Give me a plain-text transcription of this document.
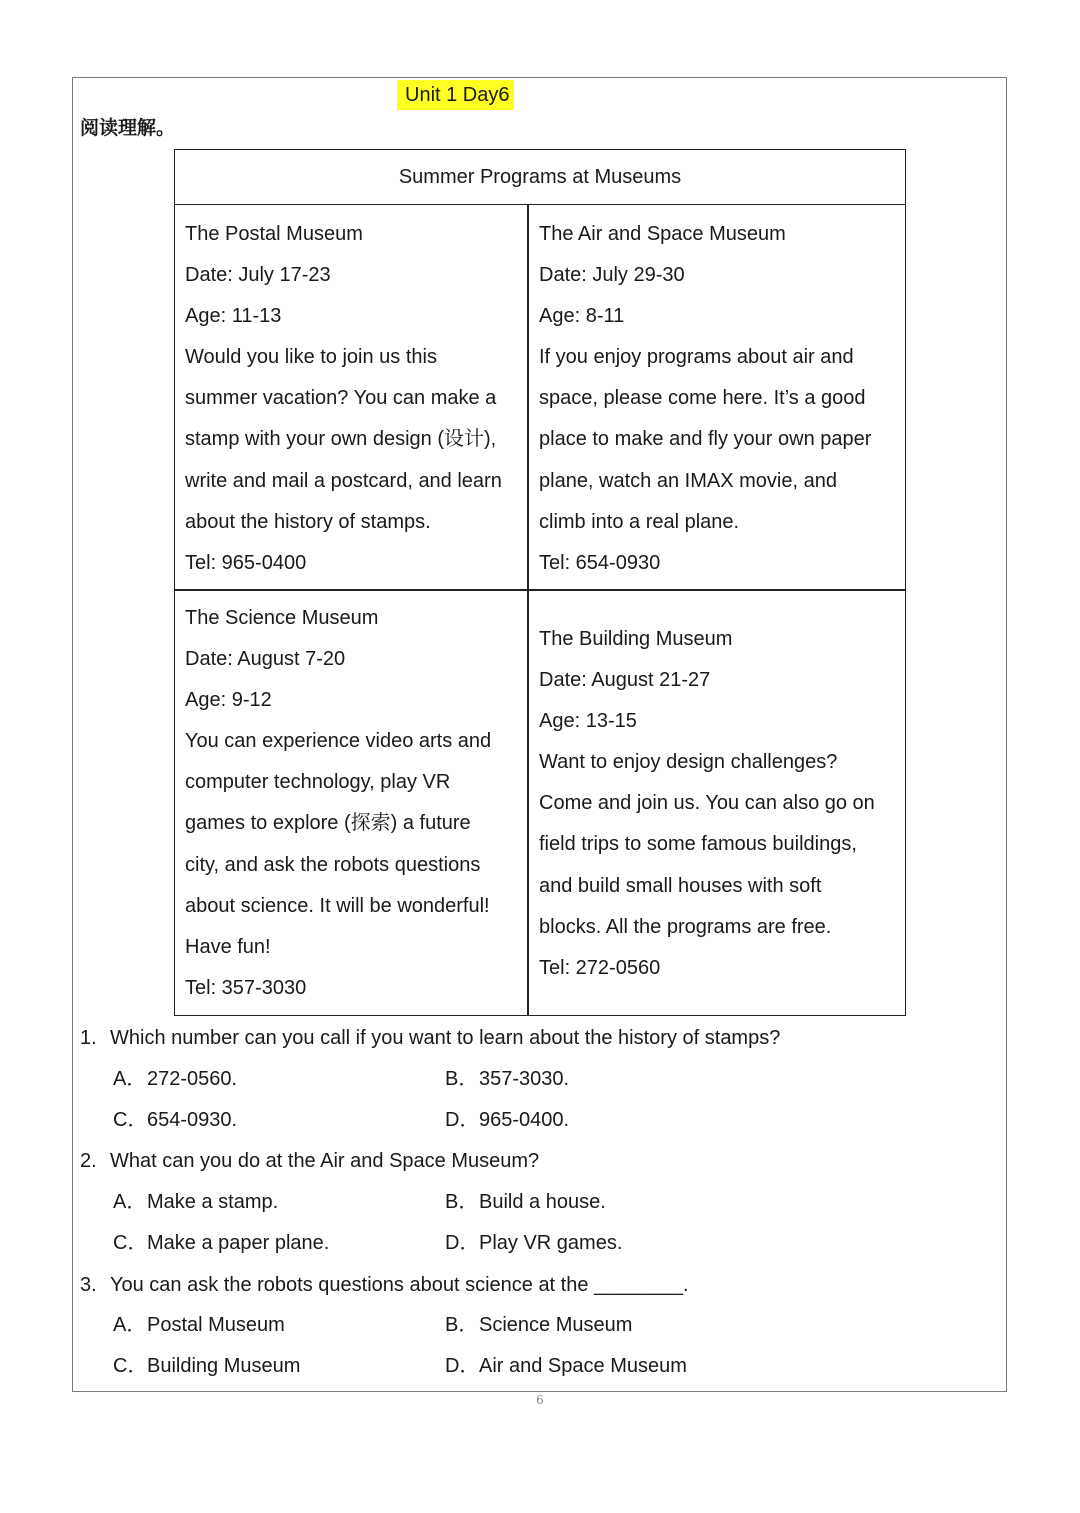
Unit 1 Day6
阅读理解。
Summer Programs at Museums
The Postal Museum
Date: July 17-23
Age: 11-13
Would you like to join us this
summer vacation? You can make a
stamp with your own design (设计),
write and mail a postcard, and learn
about the history of stamps.
Tel: 965-0400
The Air and Space Museum
Date: July 29-30
Age: 8-11
If you enjoy programs about air and
space, please come here. It’s a good
place to make and fly your own paper
plane, watch an IMAX movie, and
climb into a real plane.
Tel: 654-0930
The Science Museum
Date: August 7-20
Age: 9-12
You can experience video arts and
computer technology, play VR
games to explore (探索) a future
city, and ask the robots questions
about science. It will be wonderful!
Have fun!
Tel: 357-3030
The Building Museum
Date: August 21-27
Age: 13-15
Want to enjoy design challenges?
Come and join us. You can also go on
field trips to some famous buildings,
and build small houses with soft
blocks. All the programs are free.
Tel: 272-0560
1. Which number can you call if you want to learn about the history of stamps?
A．272-0560.	B．357-3030.
C．654-0930.	D．965-0400.
2. What can you do at the Air and Space Museum?
A．Make a stamp.	B．Build a house.
C．Make a paper plane.	D．Play VR games.
3. You can ask the robots questions about science at the ________.
A．Postal Museum	B．Science Museum
C．Building Museum	D．Air and Space Museum
6
